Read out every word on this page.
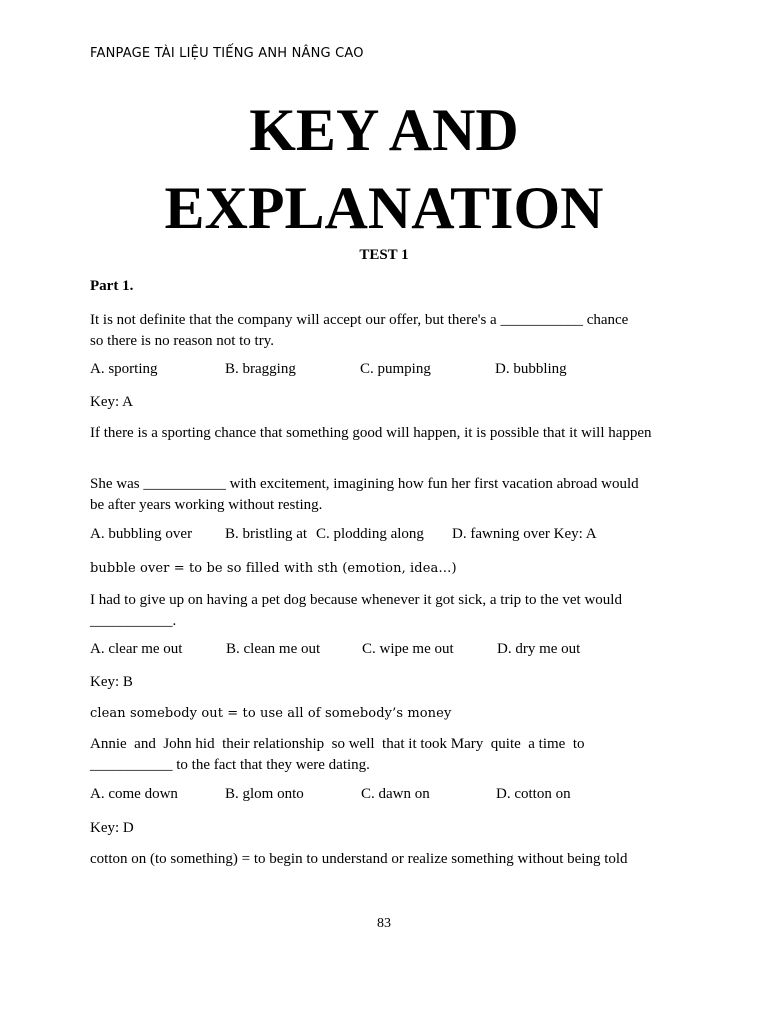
FANPAGE TÀI LIỆU TIẾNG ANH NÂNG CAO
KEY AND
EXPLANATION
TEST 1
Part 1.

It is not definite that the company will accept our offer, but there's a ___________ chance so there is no reason not to try.

A. sporting	B. bragging	C. pumping	D. bubbling

Key: A

If there is a sporting chance that something good will happen, it is possible that it will happen

She was ___________ with excitement, imagining how fun her first vacation abroad would be after years working without resting.

A. bubbling over B. bristling at C. plodding along D. fawning over Key: A

bubble over = to be so filled with sth (emotion, idea…)

I had to give up on having a pet dog because whenever it got sick, a trip to the vet would ___________.

A. clear me out	B. clean me out	C. wipe me out	D. dry me out

Key: B

clean somebody out = to use all of somebody’s money

Annie  and  John hid  their relationship  so well  that it took Mary  quite  a time  to

___________ to the fact that they were dating.

A. come down	B. glom onto	C. dawn on	D. cotton on

Key: D

cotton on (to something) = to begin to understand or realize something without being told

83
